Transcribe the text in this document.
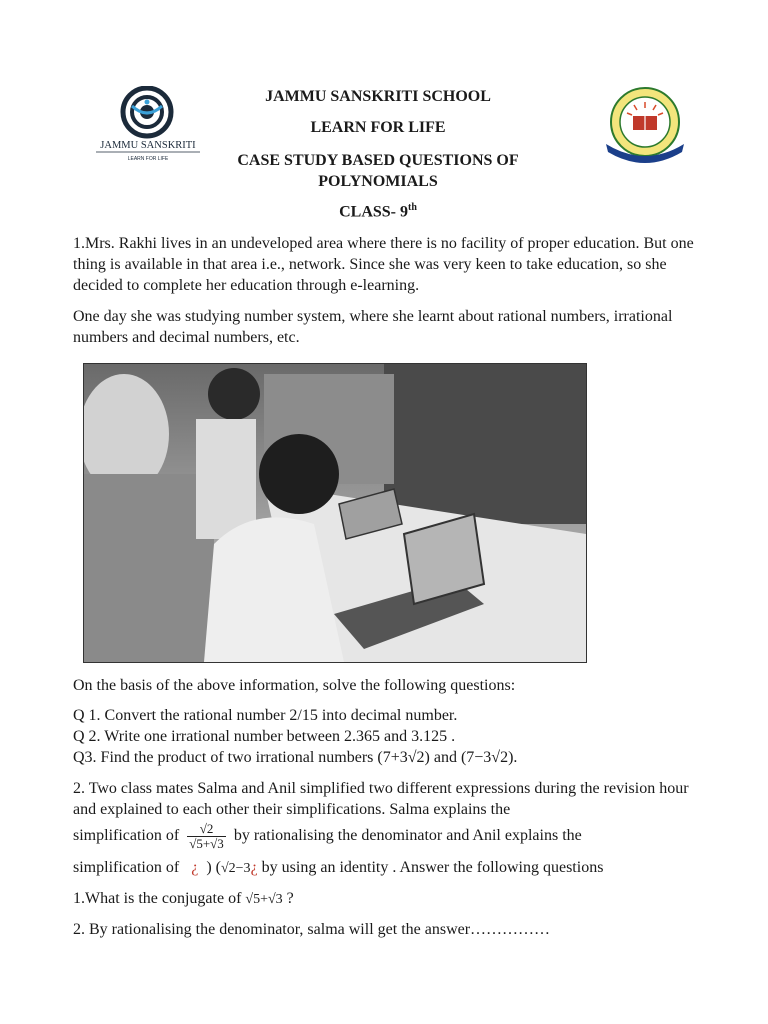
JAMMU SANSKRITI SCHOOL
LEARN FOR LIFE
CASE STUDY BASED QUESTIONS OF POLYNOMIALS
CLASS- 9th
JAMMU SANSKRITI
LEARN FOR LIFE
1.Mrs. Rakhi lives in an undeveloped area where there is no facility of proper education. But one thing is available in that area i.e., network. Since she was very keen to take education, so she decided to complete her education through e-learning.
One day she was studying number system, where she learnt about rational numbers, irrational numbers and decimal numbers, etc.
On the basis of the above information, solve the following questions:
Q 1. Convert the rational number 2/15 into decimal number.
Q 2. Write one irrational number between 2.365 and 3.125 .
Q3. Find the product of two irrational numbers (7+3√2) and (7−3√2).
2. Two class mates Salma and Anil simplified two different expressions during the revision hour and explained to each other their simplifications. Salma explains the
simplification of $\frac{√2}{√5+√3}$ by rationalising the denominator and Anil explains the
simplification of ¿ ) (√2−3¿ by using an identity . Answer the following questions
1.What is the conjugate of √5+√3 ?
2. By rationalising the denominator, salma will get the answer……………
